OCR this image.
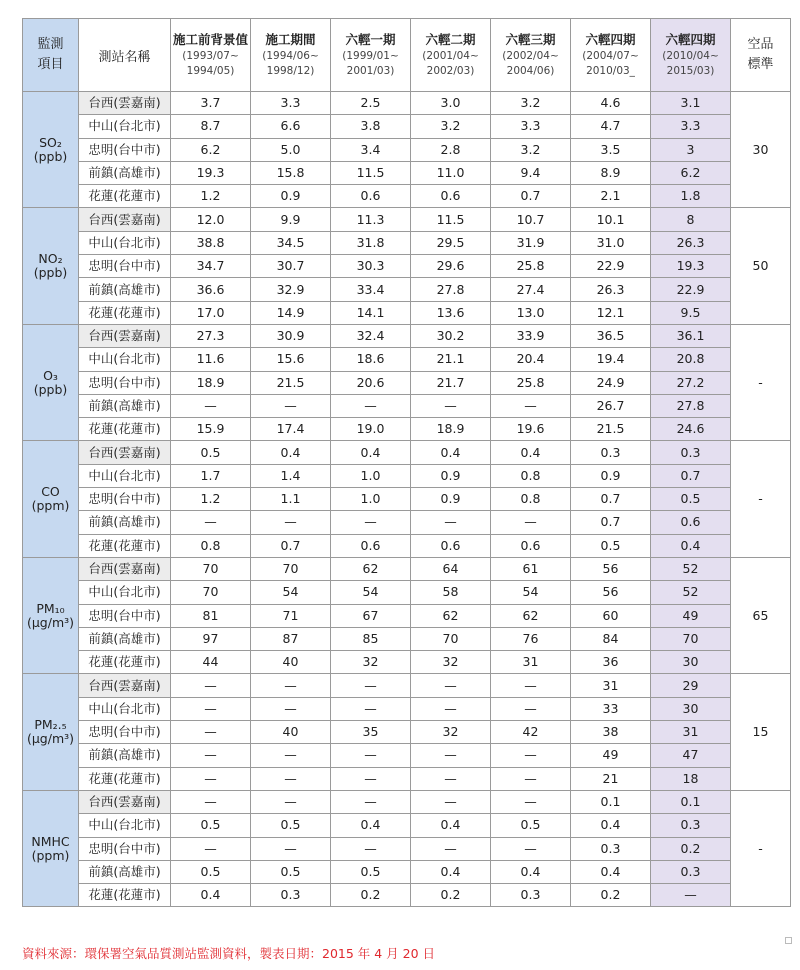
監測
項目	測站名稱	施工前背景值
(1993/07~
1994/05)	施工期間
(1994/06~
1998/12)	六輕一期
(1999/01~
2001/03)	六輕二期
(2001/04~
2002/03)	六輕三期
(2002/04~
2004/06)	六輕四期
(2004/07~
2010/03_	六輕四期
(2010/04~
2015/03)	空品
標準
SO₂
(ppb)	台西(雲嘉南)	3.7	3.3	2.5	3.0	3.2	4.6	3.1	30
	中山(台北市)	8.7	6.6	3.8	3.2	3.3	4.7	3.3	
	忠明(台中市)	6.2	5.0	3.4	2.8	3.2	3.5	3	
	前鎮(高雄市)	19.3	15.8	11.5	11.0	9.4	8.9	6.2	
	花蓮(花蓮市)	1.2	0.9	0.6	0.6	0.7	2.1	1.8	
NO₂
(ppb)	台西(雲嘉南)	12.0	9.9	11.3	11.5	10.7	10.1	8	50
	中山(台北市)	38.8	34.5	31.8	29.5	31.9	31.0	26.3	
	忠明(台中市)	34.7	30.7	30.3	29.6	25.8	22.9	19.3	
	前鎮(高雄市)	36.6	32.9	33.4	27.8	27.4	26.3	22.9	
	花蓮(花蓮市)	17.0	14.9	14.1	13.6	13.0	12.1	9.5	
O₃
(ppb)	台西(雲嘉南)	27.3	30.9	32.4	30.2	33.9	36.5	36.1	-
	中山(台北市)	11.6	15.6	18.6	21.1	20.4	19.4	20.8	
	忠明(台中市)	18.9	21.5	20.6	21.7	25.8	24.9	27.2	
	前鎮(高雄市)	—	—	—	—	—	26.7	27.8	
	花蓮(花蓮市)	15.9	17.4	19.0	18.9	19.6	21.5	24.6	
CO
(ppm)	台西(雲嘉南)	0.5	0.4	0.4	0.4	0.4	0.3	0.3	-
	中山(台北市)	1.7	1.4	1.0	0.9	0.8	0.9	0.7	
	忠明(台中市)	1.2	1.1	1.0	0.9	0.8	0.7	0.5	
	前鎮(高雄市)	—	—	—	—	—	0.7	0.6	
	花蓮(花蓮市)	0.8	0.7	0.6	0.6	0.6	0.5	0.4	
PM₁₀
(μg/m³)	台西(雲嘉南)	70	70	62	64	61	56	52	65
	中山(台北市)	70	54	54	58	54	56	52	
	忠明(台中市)	81	71	67	62	62	60	49	
	前鎮(高雄市)	97	87	85	70	76	84	70	
	花蓮(花蓮市)	44	40	32	32	31	36	30	
PM₂.₅
(μg/m³)	台西(雲嘉南)	—	—	—	—	—	31	29	15
	中山(台北市)	—	—	—	—	—	33	30	
	忠明(台中市)	—	40	35	32	42	38	31	
	前鎮(高雄市)	—	—	—	—	—	49	47	
	花蓮(花蓮市)	—	—	—	—	—	21	18	
NMHC
(ppm)	台西(雲嘉南)	—	—	—	—	—	0.1	0.1	-
	中山(台北市)	0.5	0.5	0.4	0.4	0.5	0.4	0.3	
	忠明(台中市)	—	—	—	—	—	0.3	0.2	
	前鎮(高雄市)	0.5	0.5	0.5	0.4	0.4	0.4	0.3	
	花蓮(花蓮市)	0.4	0.3	0.2	0.2	0.3	0.2	—	
資料來源：環保署空氣品質測站監測資料，製表日期：2015 年 4 月 20 日
